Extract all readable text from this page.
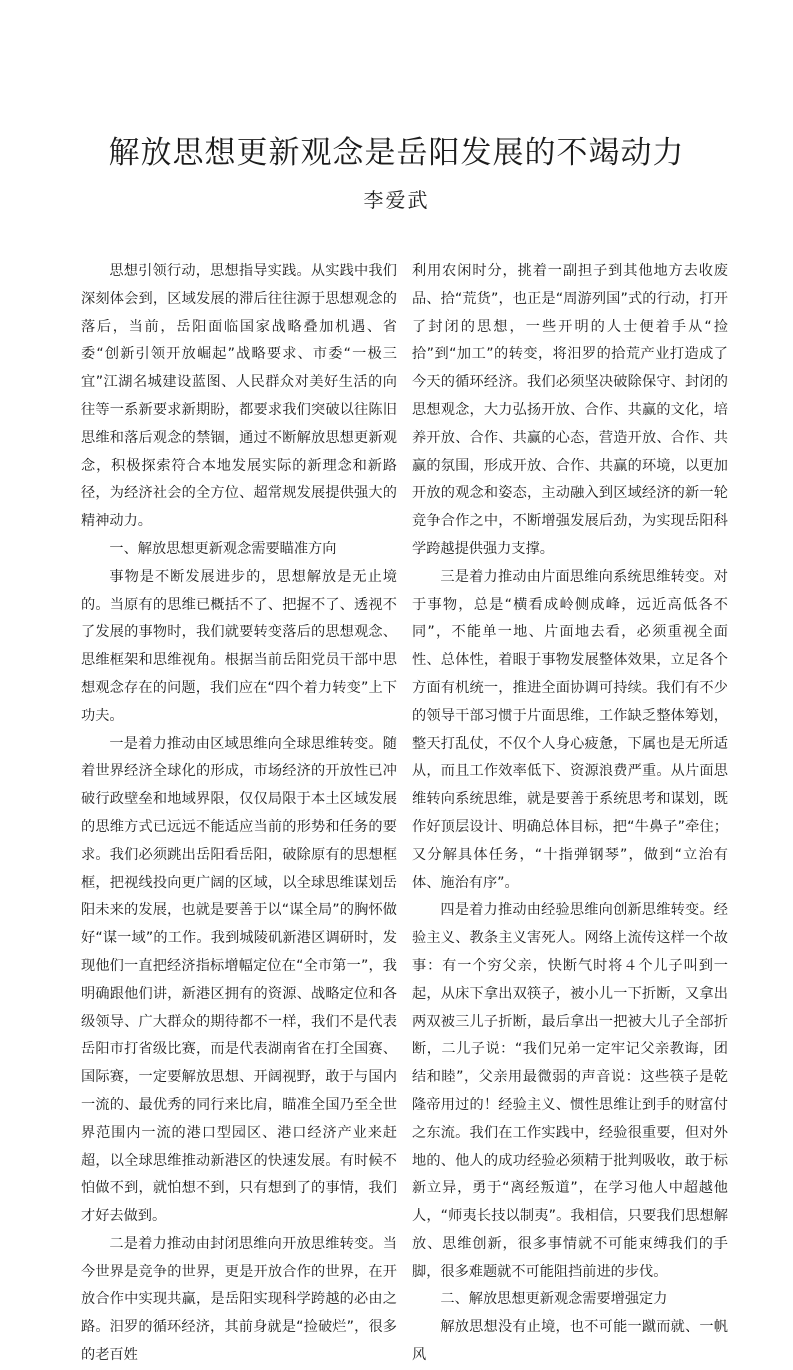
解放思想更新观念是岳阳发展的不竭动力
李爱武

思想引领行动，思想指导实践。从实践中我们深刻体会到，区域发展的滞后往往源于思想观念的落后，当前，岳阳面临国家战略叠加机遇、省委“创新引领开放崛起”战略要求、市委“一极三宜”江湖名城建设蓝图、人民群众对美好生活的向往等一系新要求新期盼，都要求我们突破以往陈旧思维和落后观念的禁锢，通过不断解放思想更新观念，积极探索符合本地发展实际的新理念和新路径，为经济社会的全方位、超常规发展提供强大的精神动力。

一、解放思想更新观念需要瞄准方向

事物是不断发展进步的，思想解放是无止境的。当原有的思维已概括不了、把握不了、透视不了发展的事物时，我们就要转变落后的思想观念、思维框架和思维视角。根据当前岳阳党员干部中思想观念存在的问题，我们应在“四个着力转变”上下功夫。

一是着力推动由区域思维向全球思维转变。随着世界经济全球化的形成，市场经济的开放性已冲破行政壁垒和地域界限，仅仅局限于本土区域发展的思维方式已远远不能适应当前的形势和任务的要求。我们必须跳出岳阳看岳阳，破除原有的思想框框，把视线投向更广阔的区域，以全球思维谋划岳阳未来的发展，也就是要善于以“谋全局”的胸怀做好“谋一域”的工作。我到城陵矶新港区调研时，发现他们一直把经济指标增幅定位在“全市第一”，我明确跟他们讲，新港区拥有的资源、战略定位和各级领导、广大群众的期待都不一样，我们不是代表岳阳市打省级比赛，而是代表湖南省在打全国赛、国际赛，一定要解放思想、开阔视野，敢于与国内一流的、最优秀的同行来比肩，瞄准全国乃至全世界范围内一流的港口型园区、港口经济产业来赶超，以全球思维推动新港区的快速发展。有时候不怕做不到，就怕想不到，只有想到了的事情，我们才好去做到。

二是着力推动由封闭思维向开放思维转变。当今世界是竞争的世界，更是开放合作的世界，在开放合作中实现共赢，是岳阳实现科学跨越的必由之路。汨罗的循环经济，其前身就是“捡破烂”，很多的老百姓

利用农闲时分，挑着一副担子到其他地方去收废品、拾“荒货”，也正是“周游列国”式的行动，打开了封闭的思想，一些开明的人士便着手从“捡拾”到“加工”的转变，将汨罗的拾荒产业打造成了今天的循环经济。我们必须坚决破除保守、封闭的思想观念，大力弘扬开放、合作、共赢的文化，培养开放、合作、共赢的心态，营造开放、合作、共赢的氛围，形成开放、合作、共赢的环境，以更加开放的观念和姿态，主动融入到区域经济的新一轮竞争合作之中，不断增强发展后劲，为实现岳阳科学跨越提供强力支撑。

三是着力推动由片面思维向系统思维转变。对于事物，总是“横看成岭侧成峰，远近高低各不同”，不能单一地、片面地去看，必须重视全面性、总体性，着眼于事物发展整体效果，立足各个方面有机统一，推进全面协调可持续。我们有不少的领导干部习惯于片面思维，工作缺乏整体筹划，整天打乱仗，不仅个人身心疲惫，下属也是无所适从，而且工作效率低下、资源浪费严重。从片面思维转向系统思维，就是要善于系统思考和谋划，既作好顶层设计、明确总体目标，把“牛鼻子”牵住；又分解具体任务，“十指弹钢琴”，做到“立治有体、施治有序”。

四是着力推动由经验思维向创新思维转变。经验主义、教条主义害死人。网络上流传这样一个故事：有一个穷父亲，快断气时将４个儿子叫到一起，从床下拿出双筷子，被小儿一下折断，又拿出两双被三儿子折断，最后拿出一把被大儿子全部折断，二儿子说：“我们兄弟一定牢记父亲教诲，团结和睦”，父亲用最微弱的声音说：这些筷子是乾隆帝用过的！经验主义、惯性思维让到手的财富付之东流。我们在工作实践中，经验很重要，但对外地的、他人的成功经验必须精于批判吸收，敢于标新立异，勇于“离经叛道”，在学习他人中超越他人，“师夷长技以制夷”。我相信，只要我们思想解放、思维创新，很多事情就不可能束缚我们的手脚，很多难题就不可能阻挡前进的步伐。

二、解放思想更新观念需要增强定力

解放思想没有止境，也不可能一蹴而就、一帆风
